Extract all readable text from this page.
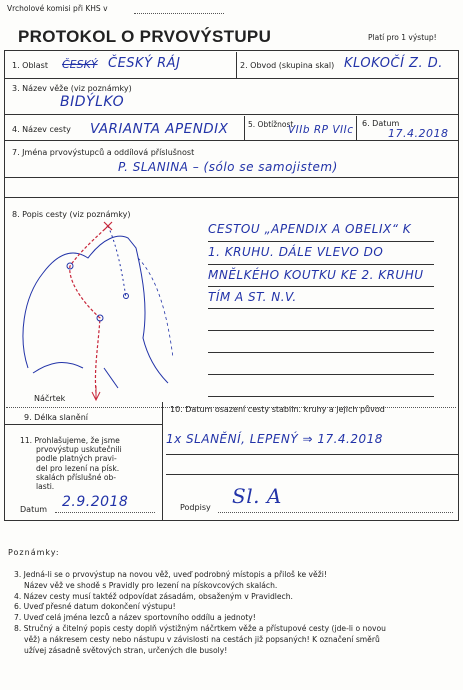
Vrcholové komisi při KHS v
PROTOKOL O PRVOVÝSTUPU	Platí pro 1 výstup!
1. Oblast ČESKÝ ČESKÝ RÁJ	2. Obvod (skupina skal) KLOKOČÍ Z. D.
3. Název věže (viz poznámky)
BIDÝLKO
4. Název cesty VARIANTA APENDIX	5. Obtížnost
VIIb RP VIIc
6. Datum
17.4.2018
7. Jména prvovýstupců a oddílová příslušnost
P. SLANINA – (sólo se samojistem)
8. Popis cesty (viz poznámky)
CESTOU „APENDIX A OBELIX“ K
1. KRUHU. DÁLE VLEVO DO
MNĚLKÉHO KOUTKU KE 2. KRUHU
TÍM A ST. N.V.
Náčrtek
9. Délka slanění
10. Datum osazení cesty stabiln. kruhy a jejich původ
1x SLANĚNÍ, LEPENÝ ⇒ 17.4.2018
11. Prohlašujeme, že jsme
prvovýstup uskutečnili
podle platných pravi-
del pro lezení na písk.
skalách příslušné ob-
lasti.
Datum 2.9.2018	Podpisy Sl. A
Poznámky:
3. Jedná-li se o prvovýstup na novou věž, uveď podrobný místopis a přiloš ke věži!
Název věž ve shodě s Pravidly pro lezení na pískovcových skalách.
4. Název cesty musí taktéž odpovídat zásadám, obsaženým v Pravidlech.
6. Uveď přesné datum dokončení výstupu!
7. Uveď celá jména lezců a název sportovního oddílu a jednoty!
8. Stručný a čitelný popis cesty doplň výstižným náčrtkem věže a přístupové cesty (jde-li o novou
věž) a nákresem cesty nebo nástupu v závislosti na cestách již popsaných! K označení směrů
užívej zásadně světových stran, určených dle busoly!
